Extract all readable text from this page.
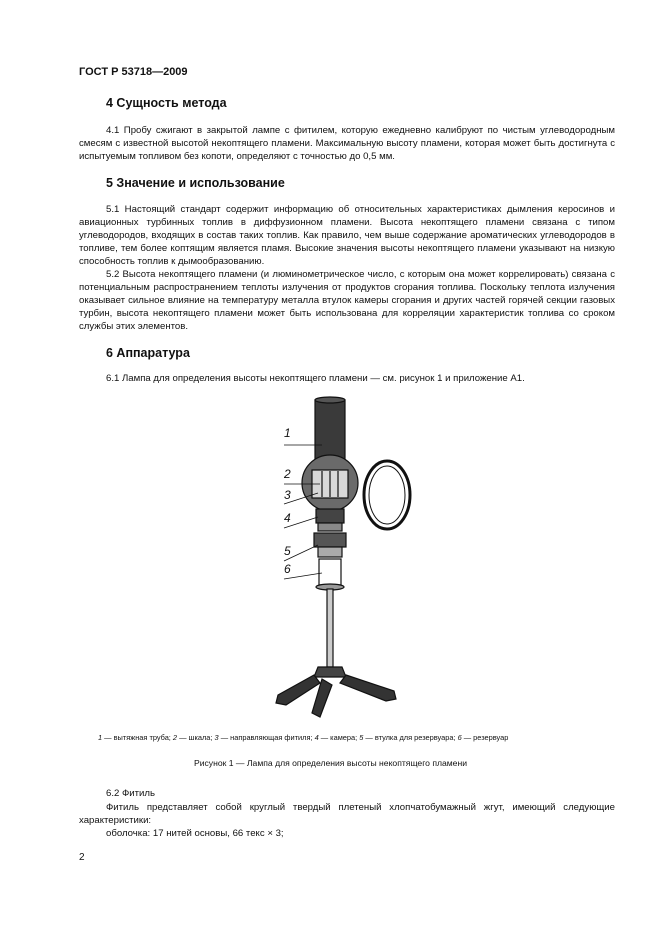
ГОСТ Р 53718—2009
4 Сущность метода

4.1 Пробу сжигают в закрытой лампе с фитилем, которую ежедневно калибруют по чистым углеводородным смесям с известной высотой некоптящего пламени. Максимальную высоту пламени, которая может быть достигнута с испытуемым топливом без копоти, определяют с точностью до 0,5 мм.

5 Значение и использование

5.1 Настоящий стандарт содержит информацию об относительных характеристиках дымления керосинов и авиационных турбинных топлив в диффузионном пламени. Высота некоптящего пламени связана с типом углеводородов, входящих в состав таких топлив. Как правило, чем выше содержание ароматических углеводородов в топливе, тем более коптящим является пламя. Высокие значения высоты некоптящего пламени указывают на низкую способность топлив к дымообразованию.

5.2 Высота некоптящего пламени (и люминометрическое число, с которым она может коррелировать) связана с потенциальным распространением теплоты излучения от продуктов сгорания топлива. Поскольку теплота излучения оказывает сильное влияние на температуру металла втулок камеры сгорания и других частей горячей секции газовых турбин, высота некоптящего пламени может быть использована для корреляции характеристик топлива со сроком службы этих элементов.

6 Аппаратура

6.1 Лампа для определения высоты некоптящего пламени — см. рисунок 1 и приложение А1.

1
2
3
4
5
6
1 — вытяжная труба; 2 — шкала; 3 — направляющая фитиля; 4 — камера; 5 — втулка для резервуара; 6 — резервуар
Рисунок 1 — Лампа для определения высоты некоптящего пламени

6.2 Фитиль

Фитиль представляет собой круглый твердый плетеный хлопчатобумажный жгут, имеющий следующие характеристики:

оболочка: 17 нитей основы, 66 текс × 3;

2
